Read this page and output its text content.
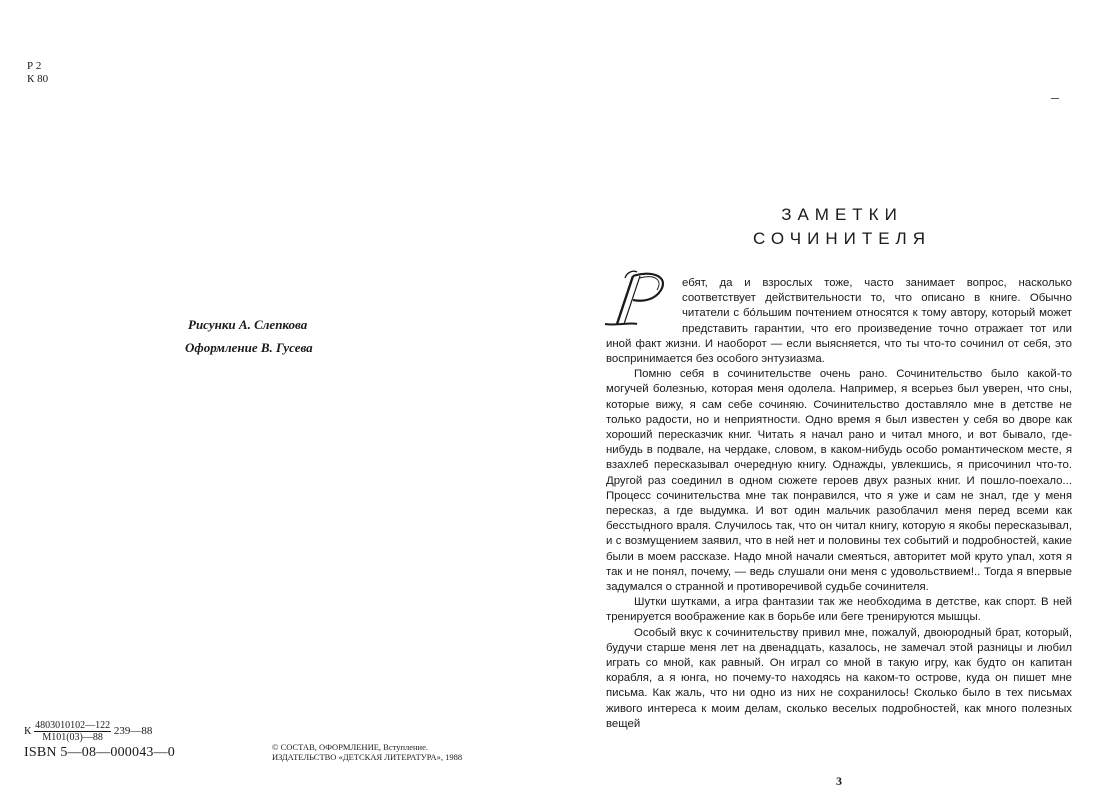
Р 2
К 80
Рисунки А. Слепкова
Оформление В. Гусева
К $\frac{4803010102—122}{М101(03)—88}$ 239—88
ISBN 5—08—000043—0	© СОСТАВ, ОФОРМЛЕНИЕ, Вступление.
ИЗДАТЕЛЬСТВО «ДЕТСКАЯ ЛИТЕРАТУРА», 1988
ЗАМЕТКИ
СОЧИНИТЕЛЯ

ебят, да и взрослых тоже, часто занимает вопрос, насколько соответствует действительности то, что описано в книге. Обычно читатели с бо́льшим почтением относятся к тому автору, который может представить гарантии, что его произведение точно отражает тот или иной факт жизни. И наоборот — если выясняется, что ты что-то сочинил от себя, это воспринимается без особого энтузиазма.

Помню себя в сочинительстве очень рано. Сочинительство было какой-то могучей болезнью, которая меня одолела. Например, я всерьез был уверен, что сны, которые вижу, я сам себе сочиняю. Сочинительство доставляло мне в детстве не только радости, но и неприятности. Одно время я был известен у себя во дворе как хороший пересказчик книг. Читать я начал рано и читал много, и вот бывало, где-нибудь в подвале, на чердаке, словом, в каком-нибудь особо романтическом месте, я взахлеб пересказывал очередную книгу. Однажды, увлекшись, я присочинил что-то. Другой раз соединил в одном сюжете героев двух разных книг. И пошло-поехало... Процесс сочинительства мне так понравился, что я уже и сам не знал, где у меня пересказ, а где выдумка. И вот один мальчик разоблачил меня перед всеми как бесстыдного враля. Случилось так, что он читал книгу, которую я якобы пересказывал, и с возмущением заявил, что в ней нет и половины тех событий и подробностей, какие были в моем рассказе. Надо мной начали смеяться, авторитет мой круто упал, хотя я так и не понял, почему, — ведь слушали они меня с удовольствием!.. Тогда я впервые задумался о странной и противоречивой судьбе сочинителя.

Шутки шутками, а игра фантазии так же необходима в детстве, как спорт. В ней тренируется воображение как в борьбе или беге тренируются мышцы.

Особый вкус к сочинительству привил мне, пожалуй, двоюродный брат, который, будучи старше меня лет на двенадцать, казалось, не замечал этой разницы и любил играть со мной, как равный. Он играл со мной в такую игру, как будто он капитан корабля, а я юнга, но почему-то находясь на каком-то острове, куда он пишет мне письма. Как жаль, что ни одно из них не сохранилось! Сколько было в тех письмах живого интереса к моим делам, сколько веселых подробностей, как много полезных вещей

3
